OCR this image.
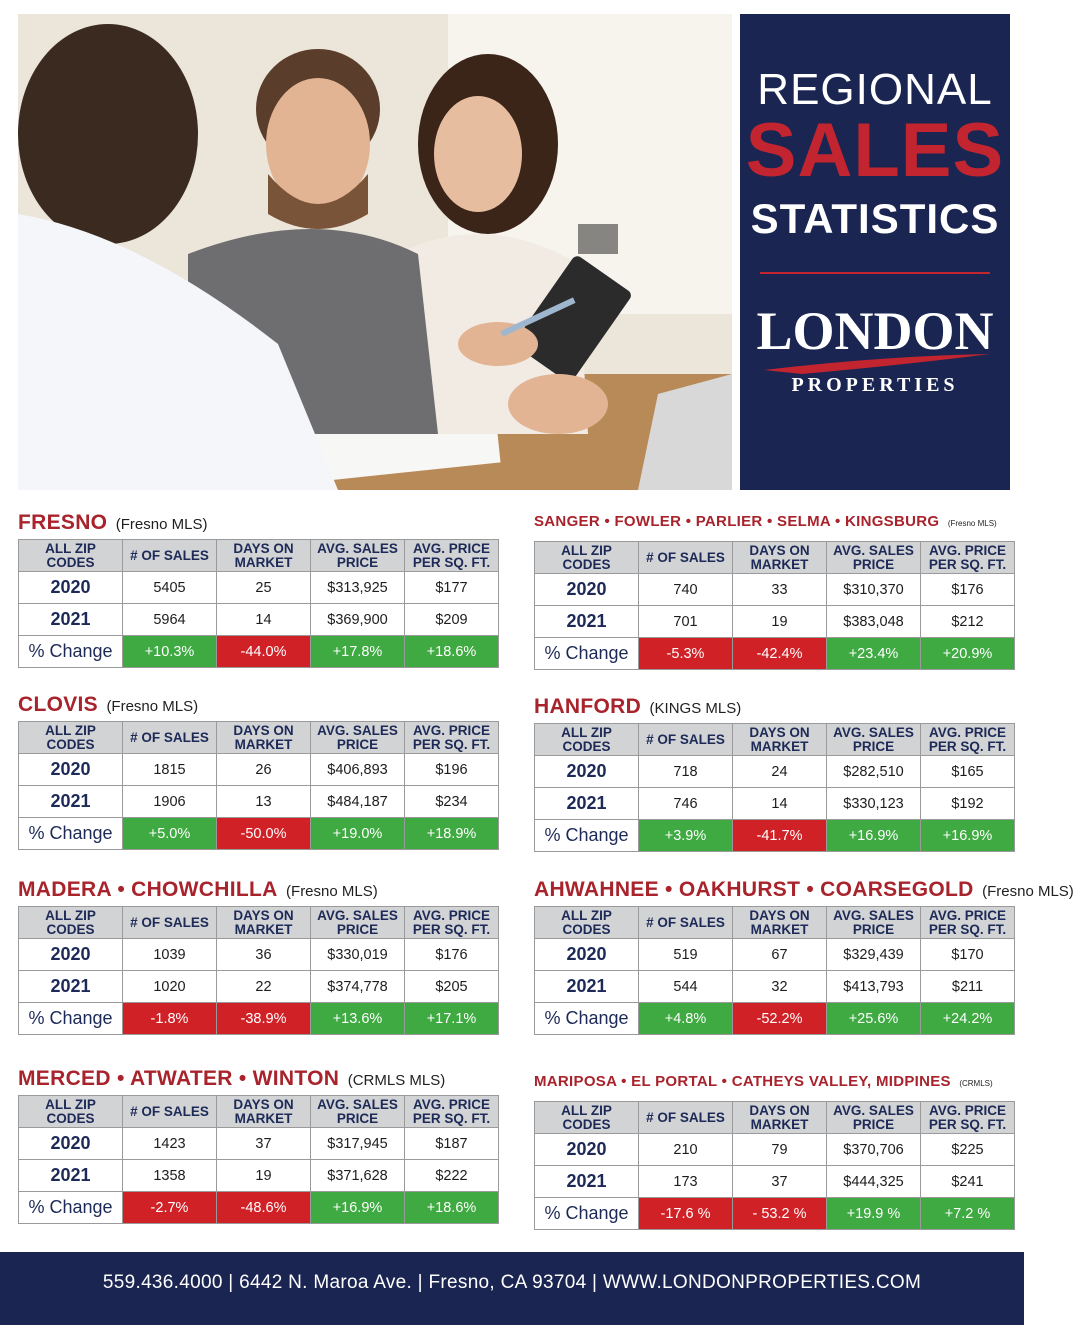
REGIONAL
SALES
STATISTICS
LONDON
PROPERTIES
FRESNO (Fresno MLS)
ALL ZIP CODES	# OF SALES	DAYS ON MARKET	AVG. SALES PRICE	AVG. PRICE PER SQ. FT.
2020	5405	25	$313,925	$177
2021	5964	14	$369,900	$209
% Change	+10.3%	-44.0%	+17.8%	+18.6%
SANGER • FOWLER • PARLIER • SELMA • KINGSBURG (Fresno MLS)
ALL ZIP CODES	# OF SALES	DAYS ON MARKET	AVG. SALES PRICE	AVG. PRICE PER SQ. FT.
2020	740	33	$310,370	$176
2021	701	19	$383,048	$212
% Change	-5.3%	-42.4%	+23.4%	+20.9%
CLOVIS (Fresno MLS)
ALL ZIP CODES	# OF SALES	DAYS ON MARKET	AVG. SALES PRICE	AVG. PRICE PER SQ. FT.
2020	1815	26	$406,893	$196
2021	1906	13	$484,187	$234
% Change	+5.0%	-50.0%	+19.0%	+18.9%
HANFORD (KINGS MLS)
ALL ZIP CODES	# OF SALES	DAYS ON MARKET	AVG. SALES PRICE	AVG. PRICE PER SQ. FT.
2020	718	24	$282,510	$165
2021	746	14	$330,123	$192
% Change	+3.9%	-41.7%	+16.9%	+16.9%
MADERA • CHOWCHILLA (Fresno MLS)
ALL ZIP CODES	# OF SALES	DAYS ON MARKET	AVG. SALES PRICE	AVG. PRICE PER SQ. FT.
2020	1039	36	$330,019	$176
2021	1020	22	$374,778	$205
% Change	-1.8%	-38.9%	+13.6%	+17.1%
AHWAHNEE • OAKHURST • COARSEGOLD (Fresno MLS)
ALL ZIP CODES	# OF SALES	DAYS ON MARKET	AVG. SALES PRICE	AVG. PRICE PER SQ. FT.
2020	519	67	$329,439	$170
2021	544	32	$413,793	$211
% Change	+4.8%	-52.2%	+25.6%	+24.2%
MERCED • ATWATER • WINTON (CRMLS MLS)
ALL ZIP CODES	# OF SALES	DAYS ON MARKET	AVG. SALES PRICE	AVG. PRICE PER SQ. FT.
2020	1423	37	$317,945	$187
2021	1358	19	$371,628	$222
% Change	-2.7%	-48.6%	+16.9%	+18.6%
MARIPOSA • EL PORTAL • CATHEYS VALLEY, MIDPINES (CRMLS)
ALL ZIP CODES	# OF SALES	DAYS ON MARKET	AVG. SALES PRICE	AVG. PRICE PER SQ. FT.
2020	210	79	$370,706	$225
2021	173	37	$444,325	$241
% Change	-17.6 %	- 53.2 %	+19.9 %	+7.2 %
559.436.4000 | 6442 N. Maroa Ave. | Fresno, CA 93704 | WWW.LONDONPROPERTIES.COM
